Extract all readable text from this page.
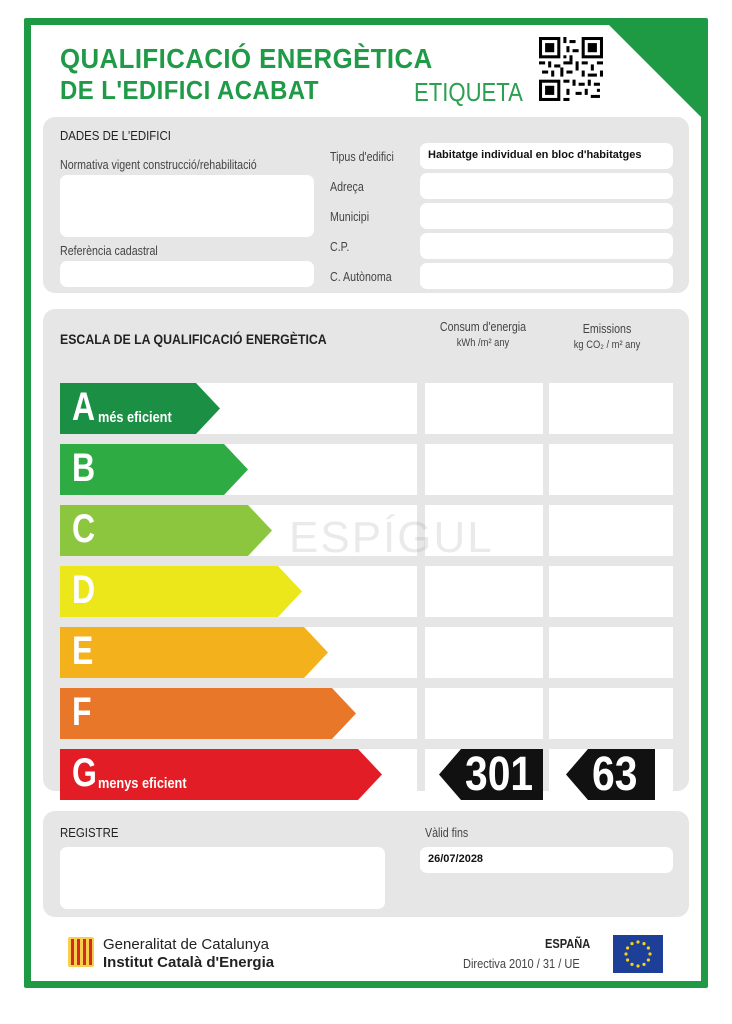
QUALIFICACIÓ ENERGÈTICA
DE L'EDIFICI ACABAT	ETIQUETA
DADES DE L'EDIFICI
Normativa vigent construcció/rehabilitació
Referència cadastral
Tipus d'edifici	Habitatge individual en bloc d'habitatges
Adreça
Municipi
C.P.
C. Autònoma
ESCALA DE LA QUALIFICACIÓ ENERGÈTICA
Consum d'energia
kWh /m² any
Emissions
kg CO₂ / m² any
A més eficient
B
C
D
E
F
G menys eficient	301 63
ESPÍGUL
REGISTRE	Vàlid fins
26/07/2028
Generalitat de Catalunya
Institut Català d'Energia
ESPAÑA
Directiva 2010 / 31 / UE
